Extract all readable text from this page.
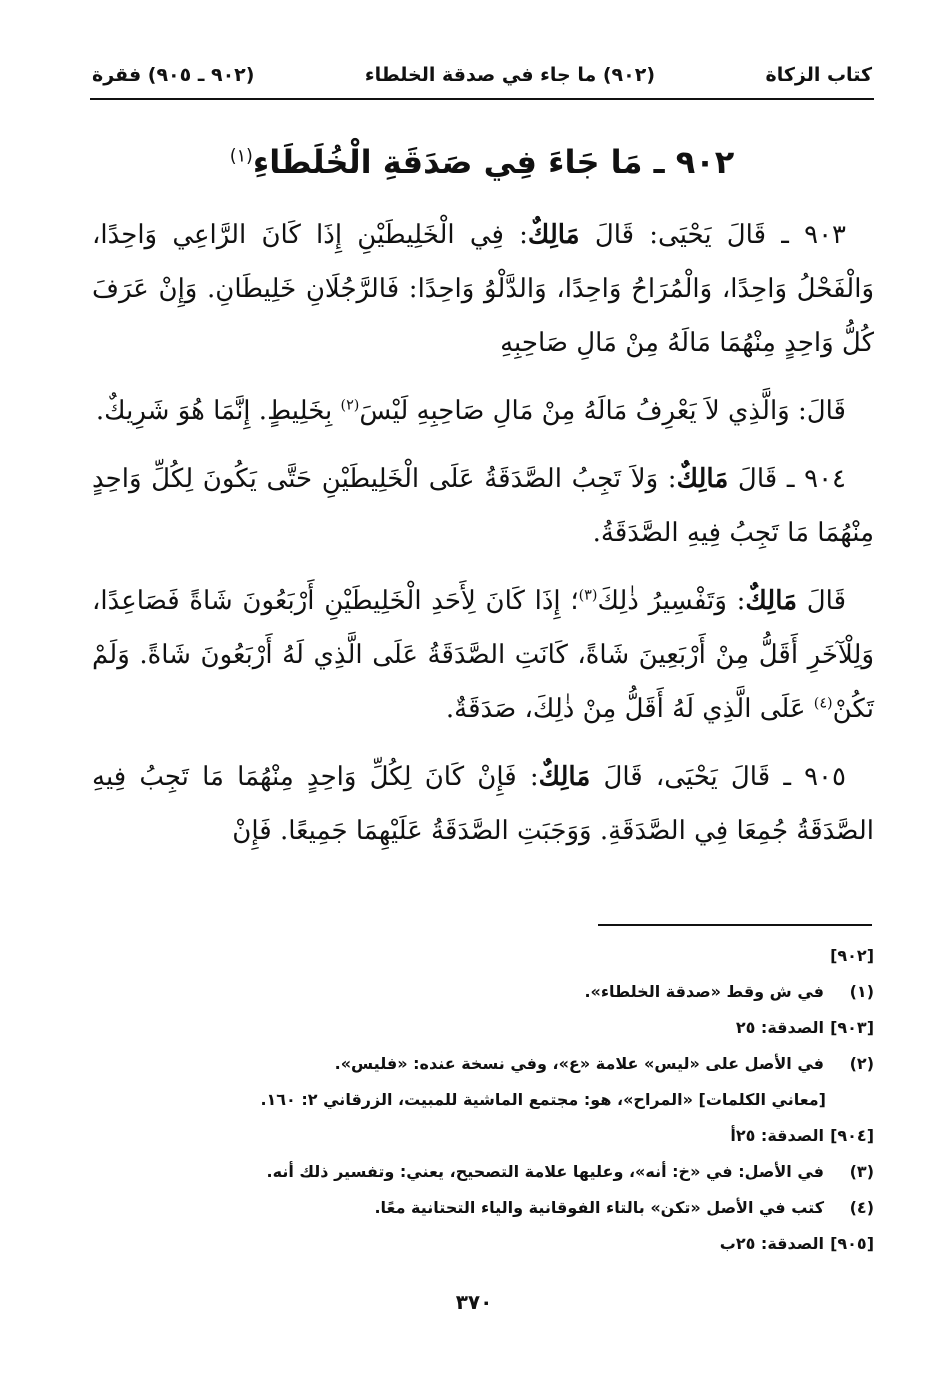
كتاب الزكاة
(٩٠٢) ما جاء في صدقة الخلطاء
(٩٠٢ ـ ٩٠٥) فقرة
٩٠٢ ـ مَا جَاءَ فِي صَدَقَةِ الْخُلَطَاءِ$^{(١)}$

٩٠٣ ـ قَالَ يَحْيَى: قَالَ مَالِكٌ: فِي الْخَلِيطَيْنِ إِذَا كَانَ الرَّاعِي وَاحِدًا، وَالْفَحْلُ وَاحِدًا، وَالْمُرَاحُ وَاحِدًا، وَالدَّلْوُ وَاحِدًا: فَالرَّجُلَانِ خَلِيطَانِ. وَإِنْ عَرَفَ كُلُّ وَاحِدٍ مِنْهُمَا مَالَهُ مِنْ مَالِ صَاحِبِهِ

قَالَ: وَالَّذِي لاَ يَعْرِفُ مَالَهُ مِنْ مَالِ صَاحِبِهِ لَيْسَ$^{(٢)}$ بِخَلِيطٍ. إِنَّمَا هُوَ شَرِيكٌ.

٩٠٤ ـ قَالَ مَالِكٌ: وَلاَ تَجِبُ الصَّدَقَةُ عَلَى الْخَلِيطَيْنِ حَتَّى يَكُونَ لِكُلِّ وَاحِدٍ مِنْهُمَا مَا تَجِبُ فِيهِ الصَّدَقَةُ.

قَالَ مَالِكٌ: وَتَفْسِيرُ ذٰلِكَ$^{(٣)}$؛ إِذَا كَانَ لِأَحَدِ الْخَلِيطَيْنِ أَرْبَعُونَ شَاةً فَصَاعِدًا، وَلِلْآخَرِ أَقَلُّ مِنْ أَرْبَعِينَ شَاةً، كَانَتِ الصَّدَقَةُ عَلَى الَّذِي لَهُ أَرْبَعُونَ شَاةً. وَلَمْ تَكُنْ$^{(٤)}$ عَلَى الَّذِي لَهُ أَقَلُّ مِنْ ذٰلِكَ، صَدَقَةٌ.

٩٠٥ ـ قَالَ يَحْيَى، قَالَ مَالِكٌ: فَإِنْ كَانَ لِكُلِّ وَاحِدٍ مِنْهُمَا مَا تَجِبُ فِيهِ الصَّدَقَةُ جُمِعَا فِي الصَّدَقَةِ. وَوَجَبَتِ الصَّدَقَةُ عَلَيْهِمَا جَمِيعًا. فَإِنْ

[٩٠٢]
(١)
في ش وقط «صدقة الخلطاء».
[٩٠٣]
الصدقة: ٢٥
(٢)
في الأصل على «ليس» علامة «ع»، وفي نسخة عنده: «فليس».
[معاني الكلمات]

«المراح»، هو: مجتمع الماشية للمبيت، الزرقاني ٢: ١٦٠.
[٩٠٤]
الصدقة: ٢٥أ
(٣)
في الأصل: في «خ: أنه»، وعليها علامة التصحيح، يعني: وتفسير ذلك أنه.
(٤)
كتب في الأصل «تكن» بالتاء الفوقانية والياء التحتانية معًا.
[٩٠٥]
الصدقة: ٢٥ب
٣٧٠
